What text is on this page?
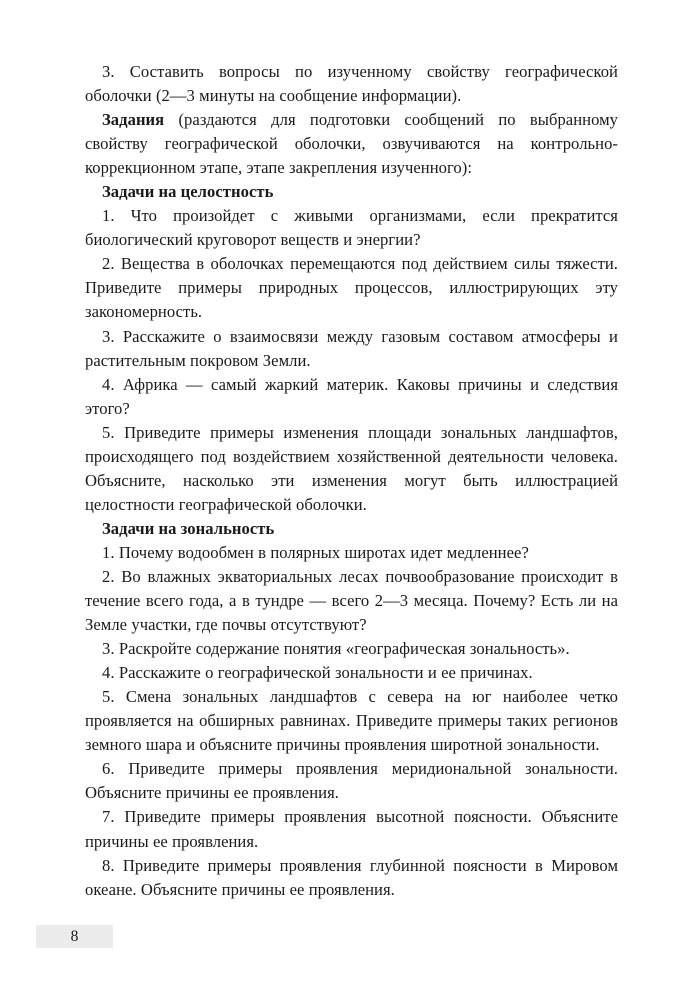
3. Составить вопросы по изученному свойству географической оболочки (2—3 минуты на сообщение информации).

Задания (раздаются для подготовки сообщений по выбранному свойству географической оболочки, озвучиваются на контрольно-коррекционном этапе, этапе закрепления изученного):

Задачи на целостность

1. Что произойдет с живыми организмами, если прекратится биологический круговорот веществ и энергии?

2. Вещества в оболочках перемещаются под действием силы тяжести. Приведите примеры природных процессов, иллюстрирующих эту закономерность.

3. Расскажите о взаимосвязи между газовым составом атмосферы и растительным покровом Земли.

4. Африка — самый жаркий материк. Каковы причины и следствия этого?

5. Приведите примеры изменения площади зональных ландшафтов, происходящего под воздействием хозяйственной деятельности человека. Объясните, насколько эти изменения могут быть иллюстрацией целостности географической оболочки.

Задачи на зональность

1. Почему водообмен в полярных широтах идет медленнее?

2. Во влажных экваториальных лесах почвообразование происходит в течение всего года, а в тундре — всего 2—3 месяца. Почему? Есть ли на Земле участки, где почвы отсутствуют?

3. Раскройте содержание понятия «географическая зональность».

4. Расскажите о географической зональности и ее причинах.

5. Смена зональных ландшафтов с севера на юг наиболее четко проявляется на обширных равнинах. Приведите примеры таких регионов земного шара и объясните причины проявления широтной зональности.

6. Приведите примеры проявления меридиональной зональности. Объясните причины ее проявления.

7. Приведите примеры проявления высотной поясности. Объясните причины ее проявления.

8. Приведите примеры проявления глубинной поясности в Мировом океане. Объясните причины ее проявления.

8
